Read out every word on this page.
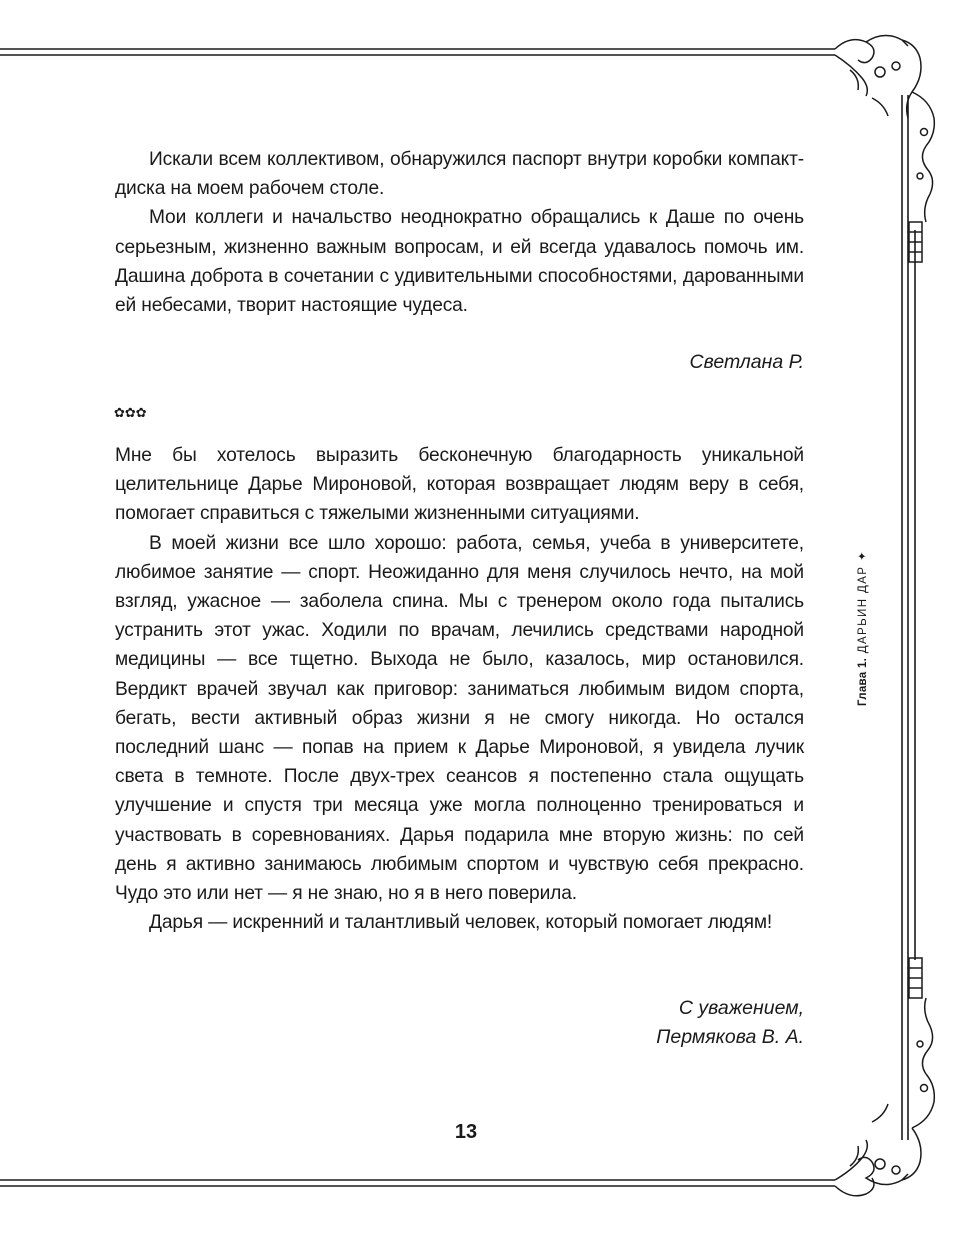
Искали всем коллективом, обнаружился паспорт внутри коробки компакт-диска на моем рабочем столе.

Мои коллеги и начальство неоднократно обращались к Даше по очень серьезным, жизненно важным вопросам, и ей всегда удавалось помочь им. Дашина доброта в сочетании с удивительными способностями, дарованными ей небесами, творит настоящие чудеса.

Светлана Р.
✿✿✿

Мне бы хотелось выразить бесконечную благодарность уникальной целительнице Дарье Мироновой, которая возвращает людям веру в себя, помогает справиться с тяжелыми жизненными ситуациями.

В моей жизни все шло хорошо: работа, семья, учеба в университете, любимое занятие — спорт. Неожиданно для меня случилось нечто, на мой взгляд, ужасное — заболела спина. Мы с тренером около года пытались устранить этот ужас. Ходили по врачам, лечились средствами народной медицины — все тщетно. Выхода не было, казалось, мир остановился. Вердикт врачей звучал как приговор: заниматься любимым видом спорта, бегать, вести активный образ жизни я не смогу никогда. Но остался последний шанс — попав на прием к Дарье Мироновой, я увидела лучик света в темноте. После двух-трех сеансов я постепенно стала ощущать улучшение и спустя три месяца уже могла полноценно тренироваться и участвовать в соревнованиях. Дарья подарила мне вторую жизнь: по сей день я активно занимаюсь любимым спортом и чувствую себя прекрасно. Чудо это или нет — я не знаю, но я в него поверила.

Дарья — искренний и талантливый человек, который помогает людям!

С уважением,
Пермякова В. А.
Глава 1. ДАРЬИН ДАР ✦
13
